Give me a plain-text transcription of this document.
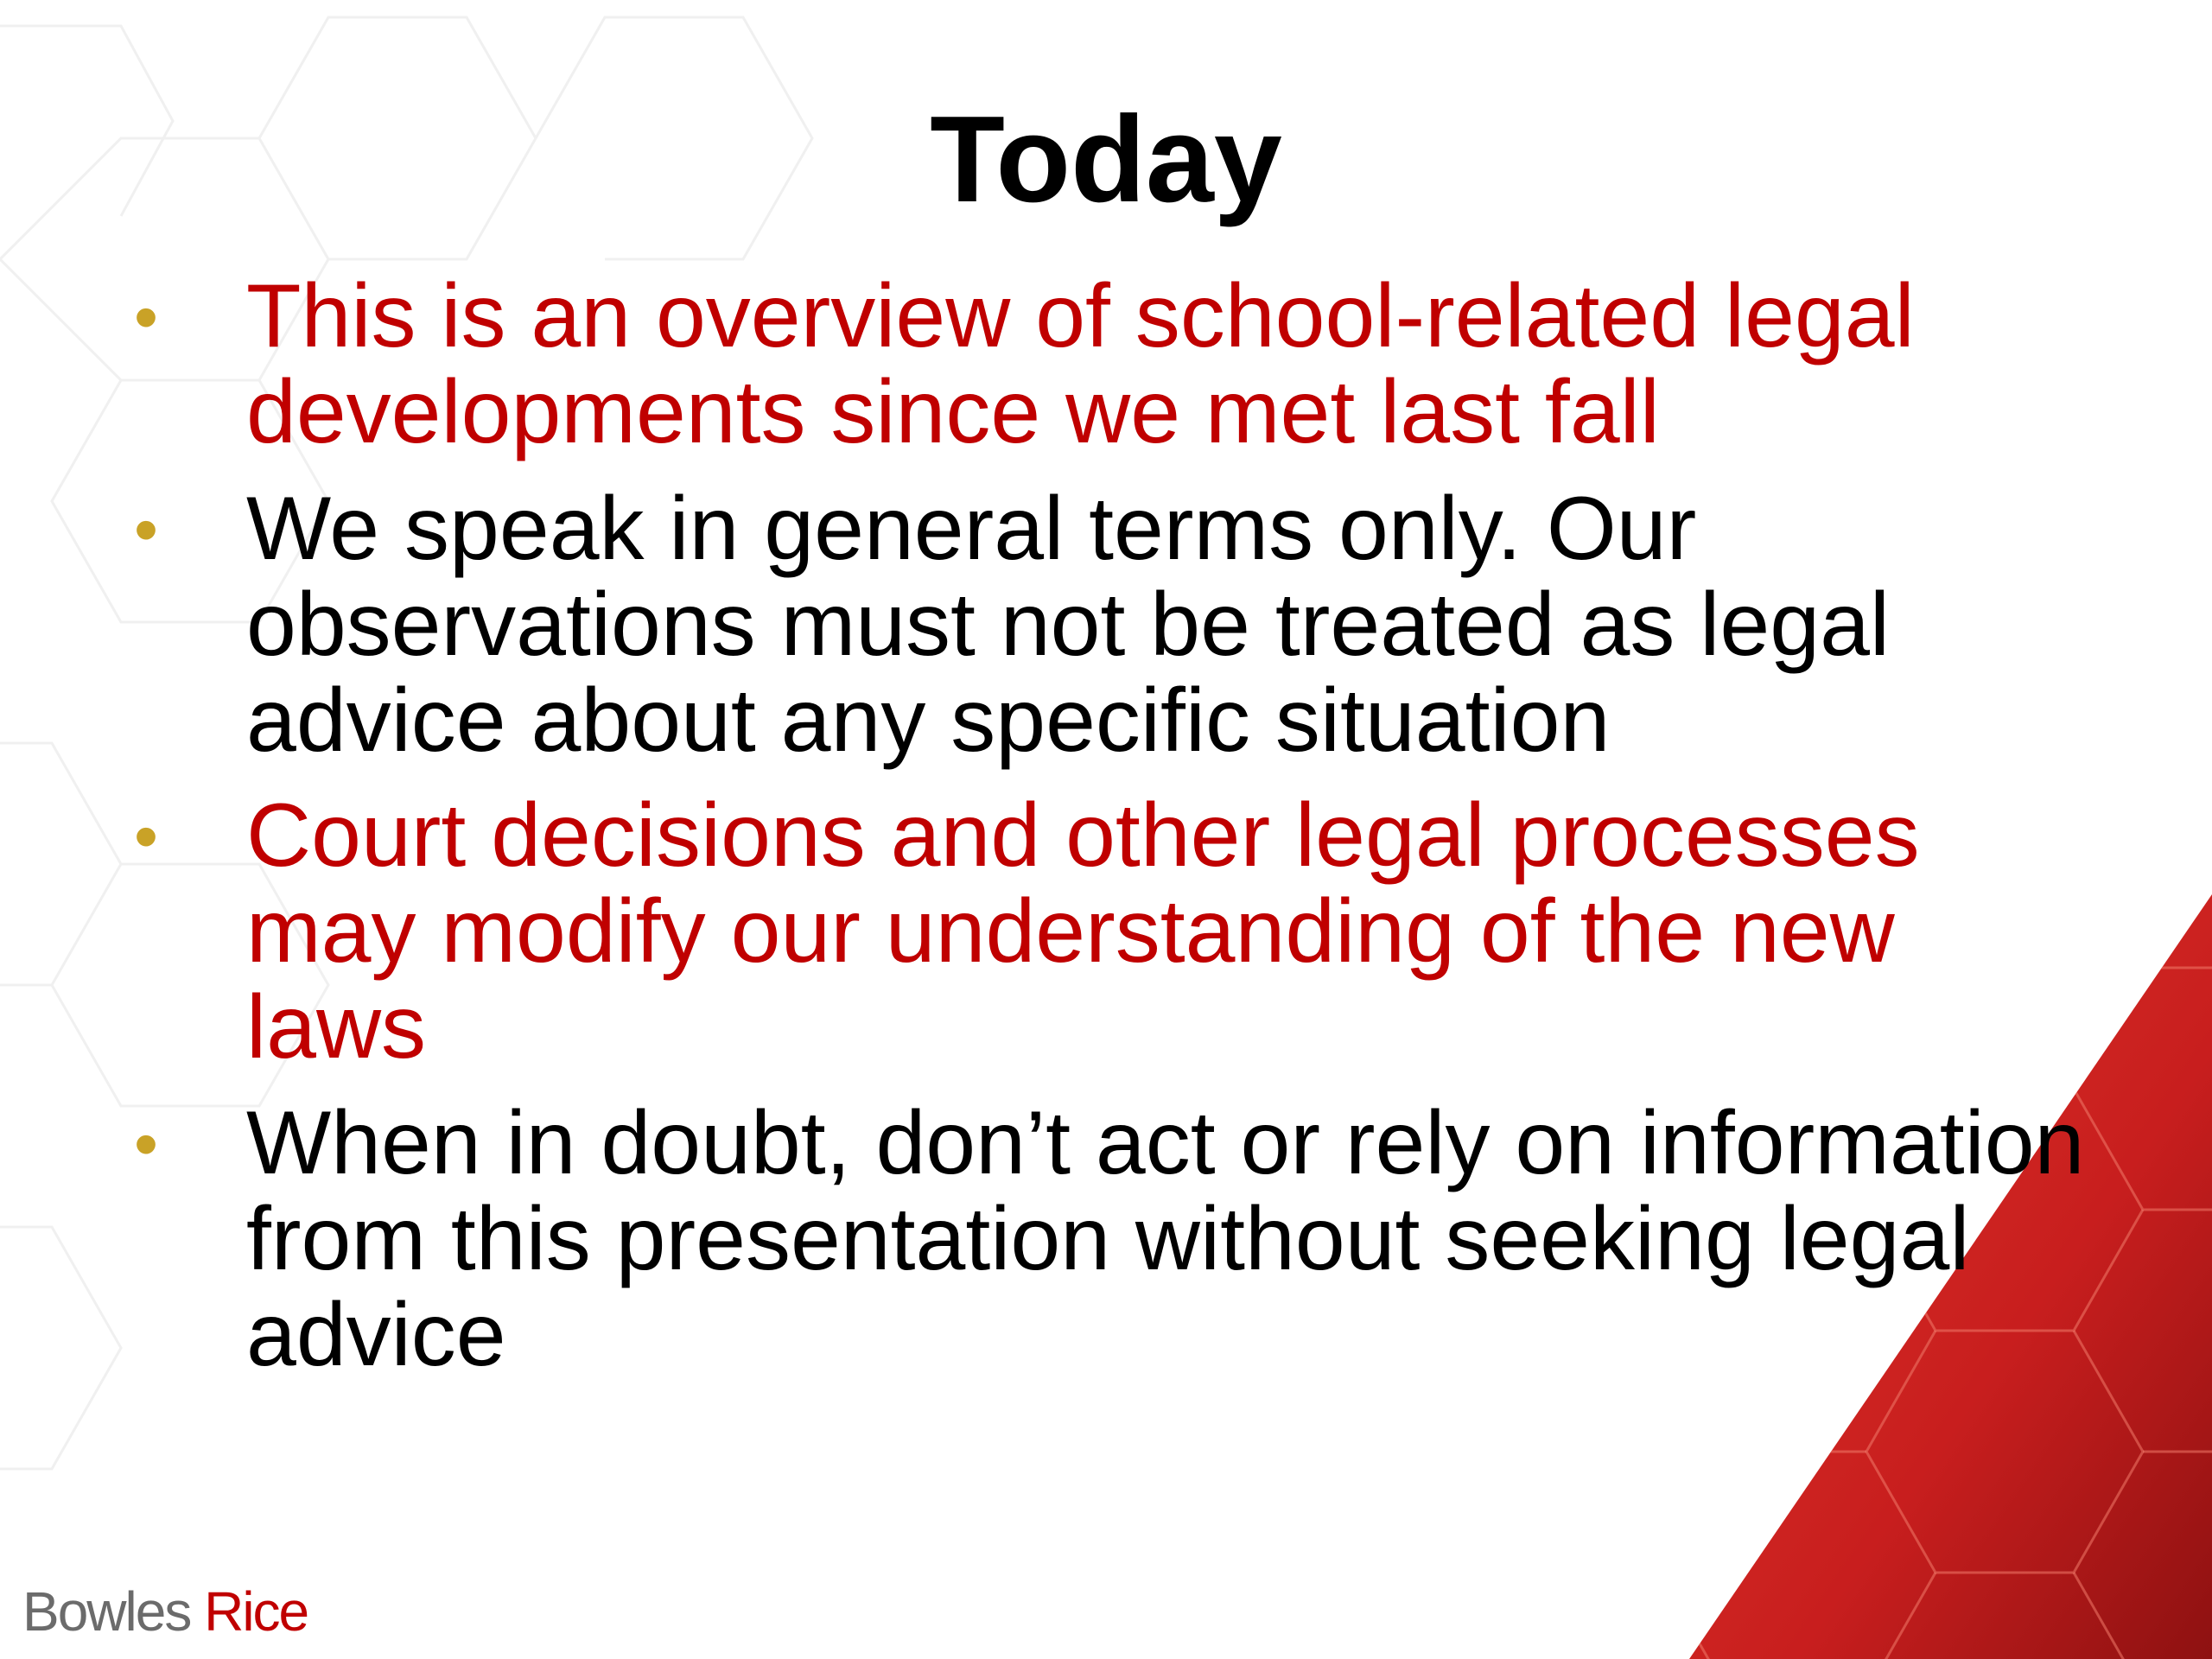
Today
• This is an overview of school-related legal developments since we met last fall
• We speak in general terms only. Our observations must not be treated as legal advice about any specific situation
• Court decisions and other legal processes may modify our understanding of the new laws
• When in doubt, don’t act or rely on information from this presentation without seeking legal advice
Bowles Rice
